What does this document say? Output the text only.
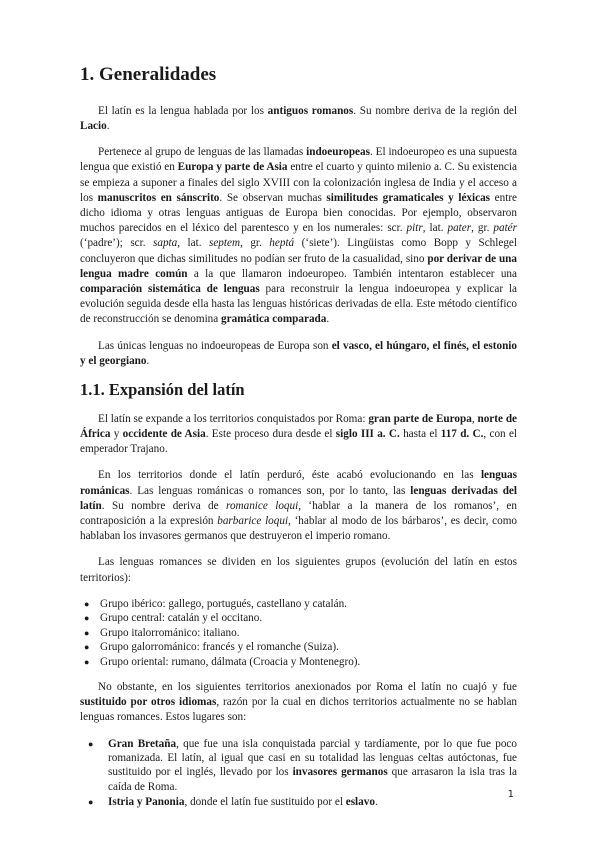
1. Generalidades

El latín es la lengua hablada por los antiguos romanos. Su nombre deriva de la región del Lacio.

Pertenece al grupo de lenguas de las llamadas indoeuropeas. El indoeuropeo es una supuesta lengua que existió en Europa y parte de Asia entre el cuarto y quinto milenio a. C. Su existencia se empieza a suponer a finales del siglo XVIII con la colonización inglesa de India y el acceso a los manuscritos en sánscrito. Se observan muchas similitudes gramaticales y léxicas entre dicho idioma y otras lenguas antiguas de Europa bien conocidas. Por ejemplo, observaron muchos parecidos en el léxico del parentesco y en los numerales: scr. pitr, lat. pater, gr. patér (‘padre’); scr. sapta, lat. septem, gr. heptá (‘siete’). Lingüistas como Bopp y Schlegel concluyeron que dichas similitudes no podían ser fruto de la casualidad, sino por derivar de una lengua madre común a la que llamaron indoeuropeo. También intentaron establecer una comparación sistemática de lenguas para reconstruir la lengua indoeuropea y explicar la evolución seguida desde ella hasta las lenguas históricas derivadas de ella. Este método científico de reconstrucción se denomina gramática comparada.

Las únicas lenguas no indoeuropeas de Europa son el vasco, el húngaro, el finés, el estonio y el georgiano.

1.1. Expansión del latín

El latín se expande a los territorios conquistados por Roma: gran parte de Europa, norte de África y occidente de Asia. Este proceso dura desde el siglo III a. C. hasta el 117 d. C., con el emperador Trajano.

En los territorios donde el latín perduró, éste acabó evolucionando en las lenguas románicas. Las lenguas románicas o romances son, por lo tanto, las lenguas derivadas del latín. Su nombre deriva de romanice loqui, ‘hablar a la manera de los romanos’, en contraposición a la expresión barbarice loqui, ‘hablar al modo de los bárbaros’, es decir, como hablaban los invasores germanos que destruyeron el imperio romano.

Las lenguas romances se dividen en los siguientes grupos (evolución del latín en estos territorios):

● Grupo ibérico: gallego, portugués, castellano y catalán.
● Grupo central: catalán y el occitano.
● Grupo italorrománico: italiano.
● Grupo galorrománico: francés y el romanche (Suiza).
● Grupo oriental: rumano, dálmata (Croacia y Montenegro).

No obstante, en los siguientes territorios anexionados por Roma el latín no cuajó y fue sustituido por otros idiomas, razón por la cual en dichos territorios actualmente no se hablan lenguas romances. Estos lugares son:

● Gran Bretaña, que fue una isla conquistada parcial y tardíamente, por lo que fue poco romanizada. El latín, al igual que casi en su totalidad las lenguas celtas autóctonas, fue sustituido por el inglés, llevado por los invasores germanos que arrasaron la isla tras la caída de Roma.
● Istria y Panonia, donde el latín fue sustituido por el eslavo.
1
